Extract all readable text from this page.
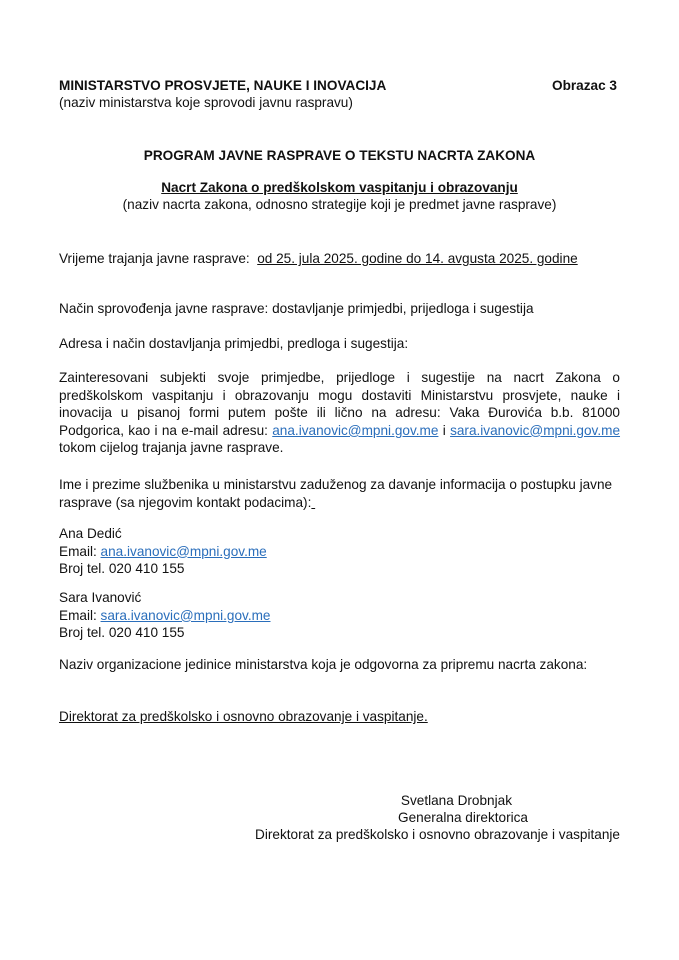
MINISTARSTVO PROSVJETE, NAUKE I INOVACIJA	Obrazac 3
(naziv ministarstva koje sprovodi javnu raspravu)
PROGRAM JAVNE RASPRAVE O TEKSTU NACRTA ZAKONA
Nacrt Zakona o predškolskom vaspitanju i obrazovanju
(naziv nacrta zakona, odnosno strategije koji je predmet javne rasprave)
Vrijeme trajanja javne rasprave:  od 25. jula 2025. godine do 14. avgusta 2025. godine
Način sprovođenja javne rasprave: dostavljanje primjedbi, prijedloga i sugestija
Adresa i način dostavljanja primjedbi, predloga i sugestija:
Zainteresovani subjekti svoje primjedbe, prijedloge i sugestije na nacrt Zakona o predškolskom vaspitanju i obrazovanju mogu dostaviti Ministarstvu prosvjete, nauke i inovacija u pisanoj formi putem pošte ili lično na adresu: Vaka Đurovića b.b. 81000 Podgorica, kao i na e-mail adresu: ana.ivanovic@mpni.gov.me i sara.ivanovic@mpni.gov.me tokom cijelog trajanja javne rasprave.
Ime i prezime službenika u ministarstvu zaduženog za davanje informacija o postupku javne rasprave (sa njegovim kontakt podacima):
Ana Dedić
Email: ana.ivanovic@mpni.gov.me
Broj tel. 020 410 155
Sara Ivanović
Email: sara.ivanovic@mpni.gov.me
Broj tel. 020 410 155
Naziv organizacione jedinice ministarstva koja je odgovorna za pripremu nacrta zakona:
Direktorat za predškolsko i osnovno obrazovanje i vaspitanje.
Svetlana Drobnjak
Generalna direktorica
Direktorat za predškolsko i osnovno obrazovanje i vaspitanje
